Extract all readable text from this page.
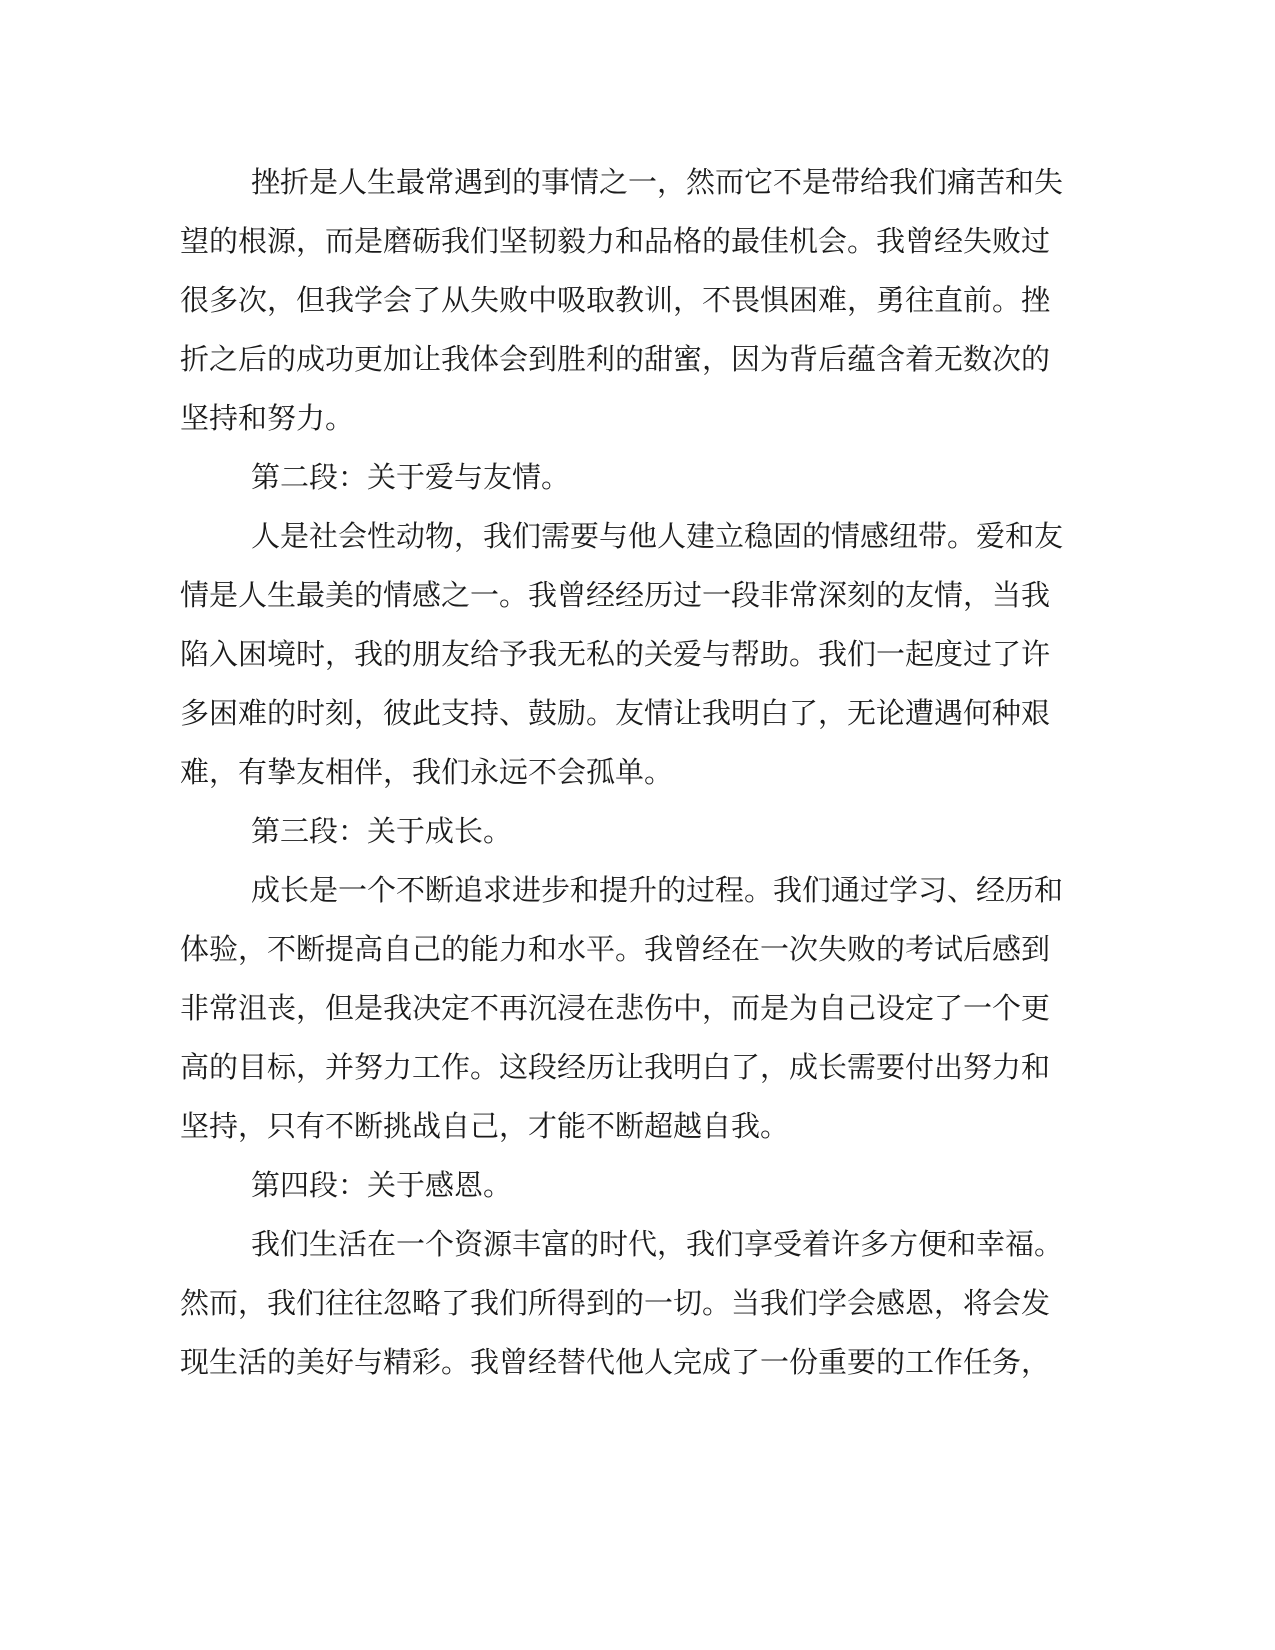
挫折是人生最常遇到的事情之一，然而它不是带给我们痛苦和失
望的根源，而是磨砺我们坚韧毅力和品格的最佳机会。我曾经失败过
很多次，但我学会了从失败中吸取教训，不畏惧困难，勇往直前。挫
折之后的成功更加让我体会到胜利的甜蜜，因为背后蕴含着无数次的
坚持和努力。
第二段：关于爱与友情。
人是社会性动物，我们需要与他人建立稳固的情感纽带。爱和友
情是人生最美的情感之一。我曾经经历过一段非常深刻的友情，当我
陷入困境时，我的朋友给予我无私的关爱与帮助。我们一起度过了许
多困难的时刻，彼此支持、鼓励。友情让我明白了，无论遭遇何种艰
难，有挚友相伴，我们永远不会孤单。
第三段：关于成长。
成长是一个不断追求进步和提升的过程。我们通过学习、经历和
体验，不断提高自己的能力和水平。我曾经在一次失败的考试后感到
非常沮丧，但是我决定不再沉浸在悲伤中，而是为自己设定了一个更
高的目标，并努力工作。这段经历让我明白了，成长需要付出努力和
坚持，只有不断挑战自己，才能不断超越自我。
第四段：关于感恩。
我们生活在一个资源丰富的时代，我们享受着许多方便和幸福。
然而，我们往往忽略了我们所得到的一切。当我们学会感恩，将会发
现生活的美好与精彩。我曾经替代他人完成了一份重要的工作任务，
